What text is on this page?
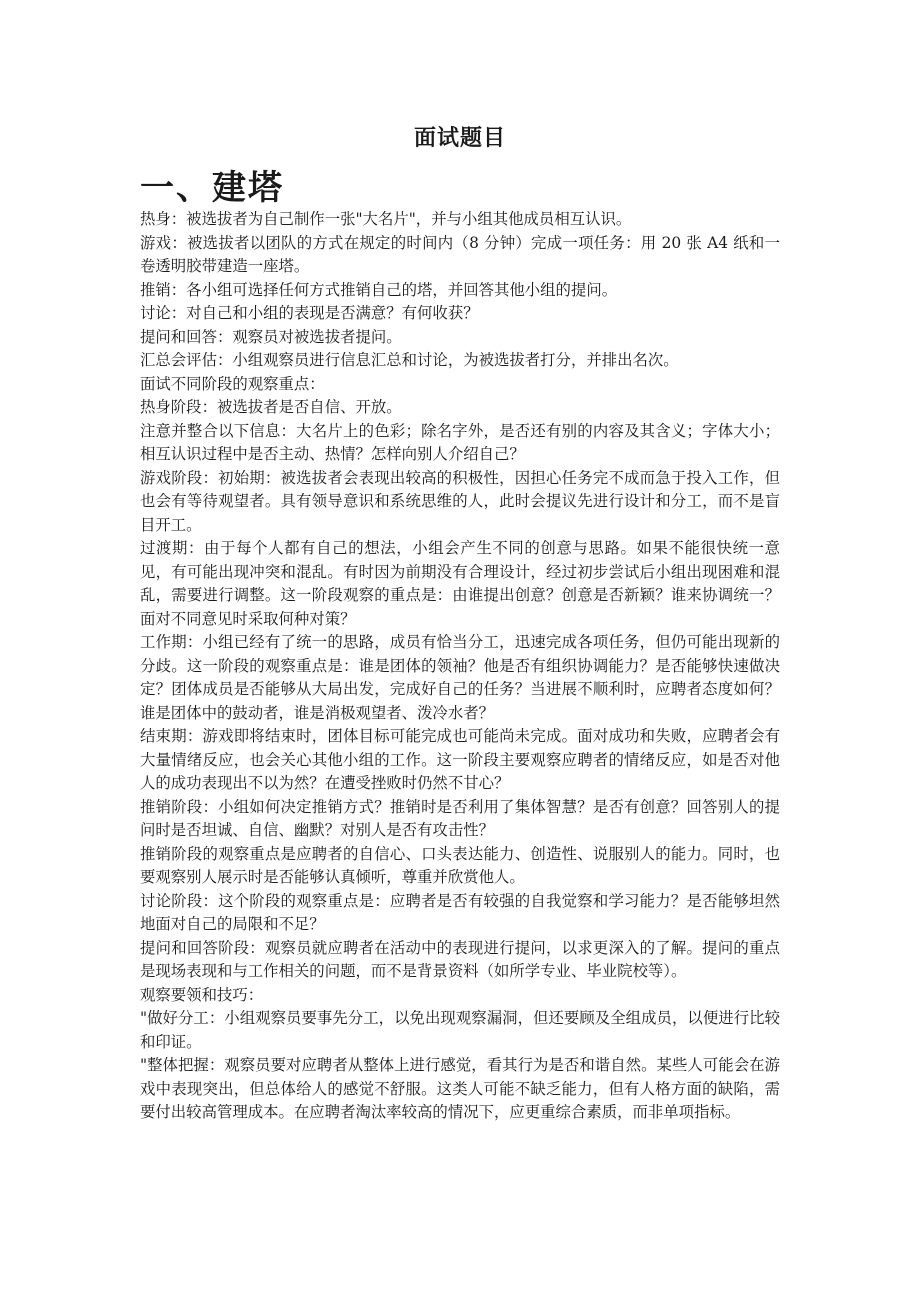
面试题目
一、建塔

热身：被选拔者为自己制作一张"大名片"，并与小组其他成员相互认识。

游戏：被选拔者以团队的方式在规定的时间内（8 分钟）完成一项任务：用 20 张 A4 纸和一卷透明胶带建造一座塔。

推销：各小组可选择任何方式推销自己的塔，并回答其他小组的提问。

讨论：对自己和小组的表现是否满意？有何收获？

提问和回答：观察员对被选拔者提问。

汇总会评估：小组观察员进行信息汇总和讨论，为被选拔者打分，并排出名次。

面试不同阶段的观察重点：

热身阶段：被选拔者是否自信、开放。

注意并整合以下信息：大名片上的色彩；除名字外，是否还有别的内容及其含义；字体大小；相互认识过程中是否主动、热情？怎样向别人介绍自己？

游戏阶段：初始期：被选拔者会表现出较高的积极性，因担心任务完不成而急于投入工作，但也会有等待观望者。具有领导意识和系统思维的人，此时会提议先进行设计和分工，而不是盲目开工。

过渡期：由于每个人都有自己的想法，小组会产生不同的创意与思路。如果不能很快统一意见，有可能出现冲突和混乱。有时因为前期没有合理设计，经过初步尝试后小组出现困难和混乱，需要进行调整。这一阶段观察的重点是：由谁提出创意？创意是否新颖？谁来协调统一？面对不同意见时采取何种对策？

工作期：小组已经有了统一的思路，成员有恰当分工，迅速完成各项任务，但仍可能出现新的分歧。这一阶段的观察重点是：谁是团体的领袖？他是否有组织协调能力？是否能够快速做决定？团体成员是否能够从大局出发，完成好自己的任务？当进展不顺利时，应聘者态度如何？谁是团体中的鼓动者，谁是消极观望者、泼冷水者？

结束期：游戏即将结束时，团体目标可能完成也可能尚未完成。面对成功和失败，应聘者会有大量情绪反应，也会关心其他小组的工作。这一阶段主要观察应聘者的情绪反应，如是否对他人的成功表现出不以为然？在遭受挫败时仍然不甘心？

推销阶段：小组如何决定推销方式？推销时是否利用了集体智慧？是否有创意？回答别人的提问时是否坦诚、自信、幽默？对别人是否有攻击性？

推销阶段的观察重点是应聘者的自信心、口头表达能力、创造性、说服别人的能力。同时，也要观察别人展示时是否能够认真倾听，尊重并欣赏他人。

讨论阶段：这个阶段的观察重点是：应聘者是否有较强的自我觉察和学习能力？是否能够坦然地面对自己的局限和不足？

提问和回答阶段：观察员就应聘者在活动中的表现进行提问，以求更深入的了解。提问的重点是现场表现和与工作相关的问题，而不是背景资料（如所学专业、毕业院校等）。

观察要领和技巧：

"做好分工：小组观察员要事先分工，以免出现观察漏洞，但还要顾及全组成员，以便进行比较和印证。

"整体把握：观察员要对应聘者从整体上进行感觉，看其行为是否和谐自然。某些人可能会在游戏中表现突出，但总体给人的感觉不舒服。这类人可能不缺乏能力，但有人格方面的缺陷，需要付出较高管理成本。在应聘者淘汰率较高的情况下，应更重综合素质，而非单项指标。
